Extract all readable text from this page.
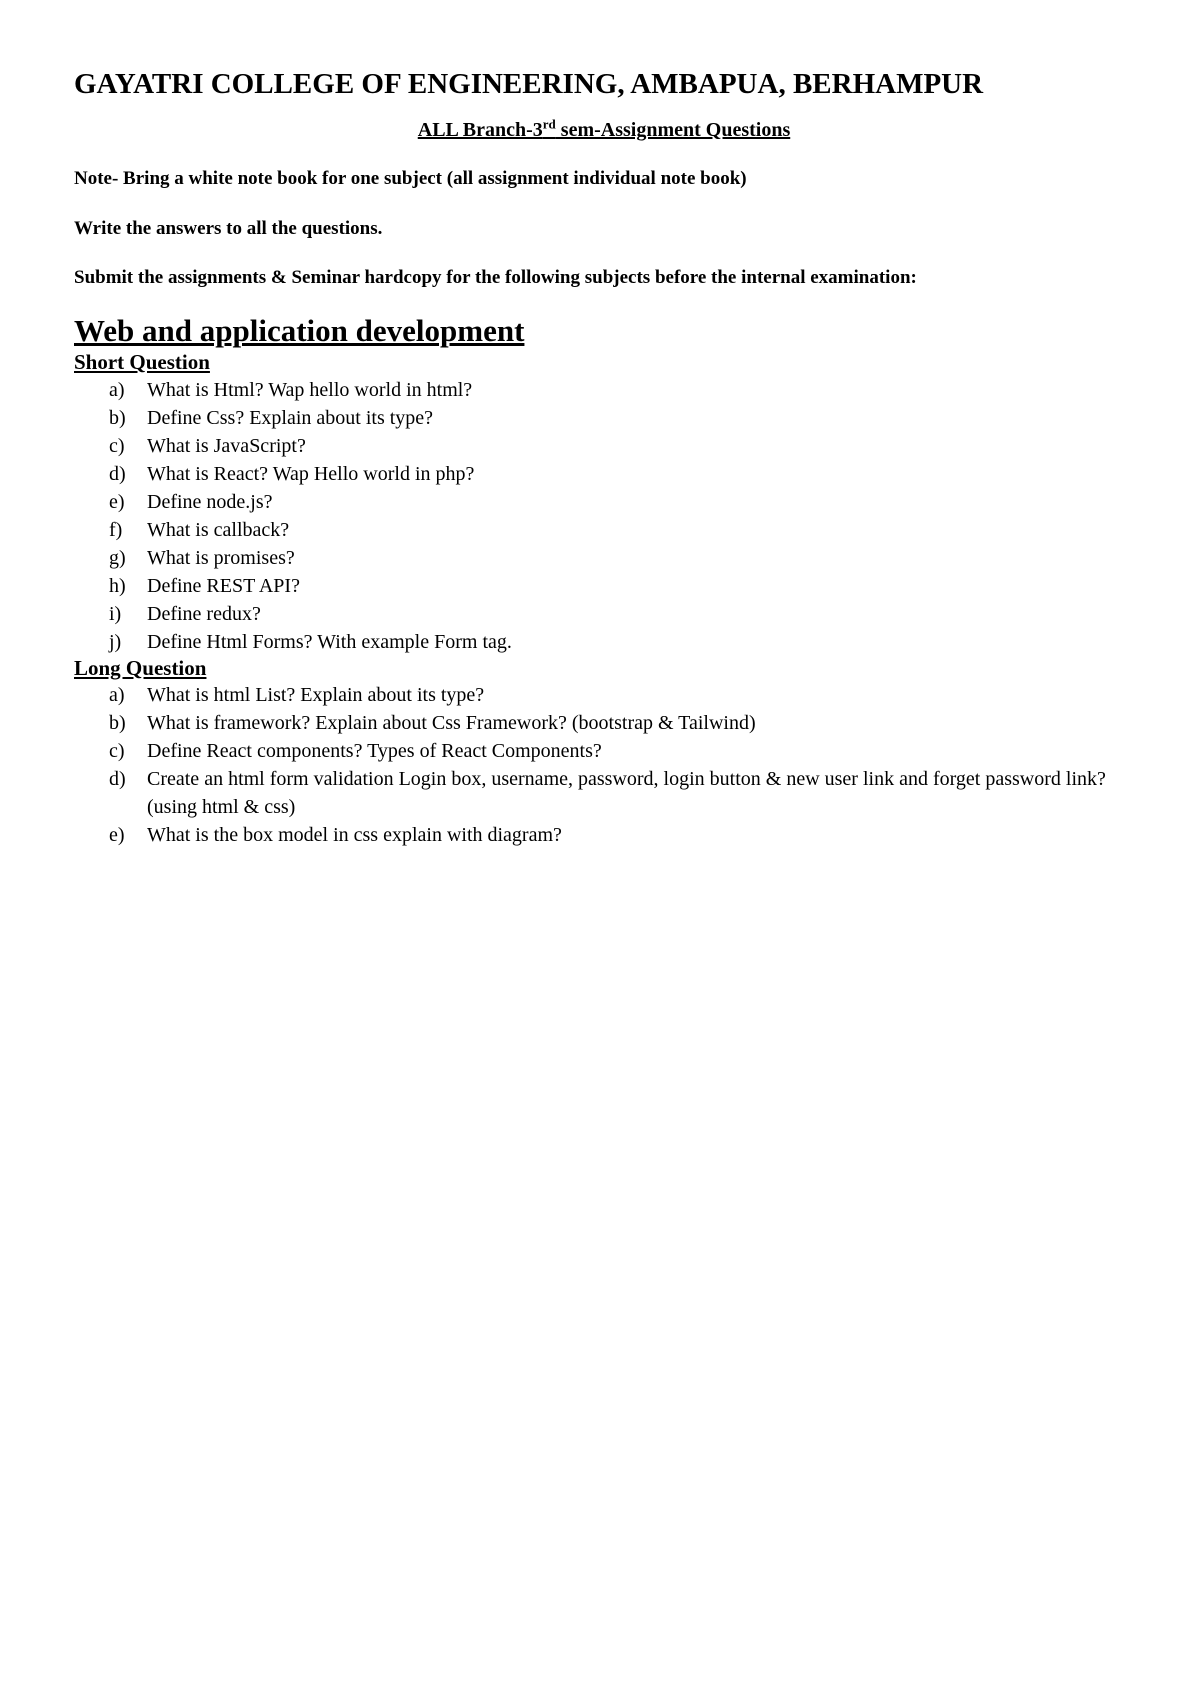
GAYATRI COLLEGE OF ENGINEERING, AMBAPUA, BERHAMPUR
ALL Branch-3rd sem-Assignment Questions
Note- Bring a white note book for one subject (all assignment individual note book)
Write the answers to all the questions.
Submit the assignments & Seminar hardcopy for the following subjects before the internal examination:
Web and application development
Short Question
a) What is Html? Wap hello world in html?
b) Define Css? Explain about its type?
c) What is JavaScript?
d) What is React? Wap Hello world in php?
e) Define node.js?
f) What is callback?
g) What is promises?
h) Define REST API?
i) Define redux?
j) Define Html Forms? With example Form tag.
Long Question
a) What is html List? Explain about its type?
b) What is framework? Explain about Css Framework? (bootstrap & Tailwind)
c) Define React components? Types of React Components?
d) Create an html form validation Login box, username, password, login button & new user link and forget password link? (using html & css)
e) What is the box model in css explain with diagram?
